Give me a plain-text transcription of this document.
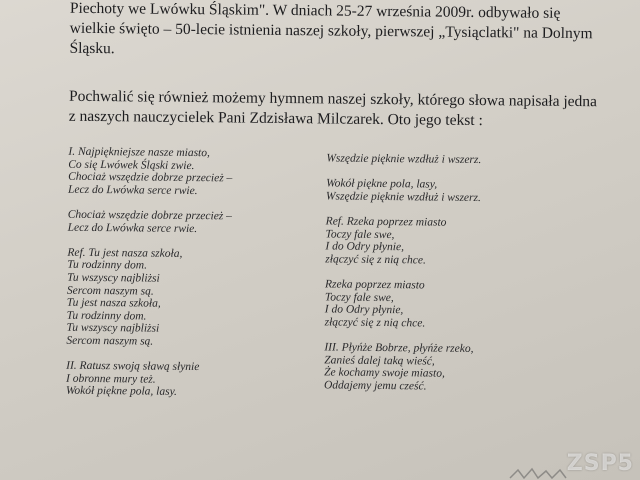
Piechoty we Lwówku Śląskim". W dniach 25-27 września 2009r. odbywało się
wielkie święto – 50-lecie istnienia naszej szkoły, pierwszej „Tysiąclatki" na Dolnym
Śląsku.

Pochwalić się również możemy hymnem naszej szkoły, którego słowa napisała jedna
z naszych nauczycielek Pani Zdzisława Milczarek. Oto jego tekst :

I. Najpiękniejsze nasze miasto,
Co się Lwówek Śląski zwie.
Chociaż wszędzie dobrze przecież –
Lecz do Lwówka serce rwie.
Chociaż wszędzie dobrze przecież –
Lecz do Lwówka serce rwie.
Ref. Tu jest nasza szkoła,
Tu rodzinny dom.
Tu wszyscy najbliżsi
Sercom naszym są.
Tu jest nasza szkoła,
Tu rodzinny dom.
Tu wszyscy najbliżsi
Sercom naszym są.
II. Ratusz swoją sławą słynie
I obronne mury też.
Wokół piękne pola, lasy.
Wszędzie pięknie wzdłuż i wszerz.
Wokół piękne pola, lasy,
Wszędzie pięknie wzdłuż i wszerz.
Ref. Rzeka poprzez miasto
Toczy fale swe,
I do Odry płynie,
złączyć się z nią chce.
Rzeka poprzez miasto
Toczy fale swe,
I do Odry płynie,
złączyć się z nią chce.
III. Płyńże Bobrze, płyńże rzeko,
Zanieś dalej taką wieść,
Że kochamy swoje miasto,
Oddajemy jemu cześć.
ZSP5
